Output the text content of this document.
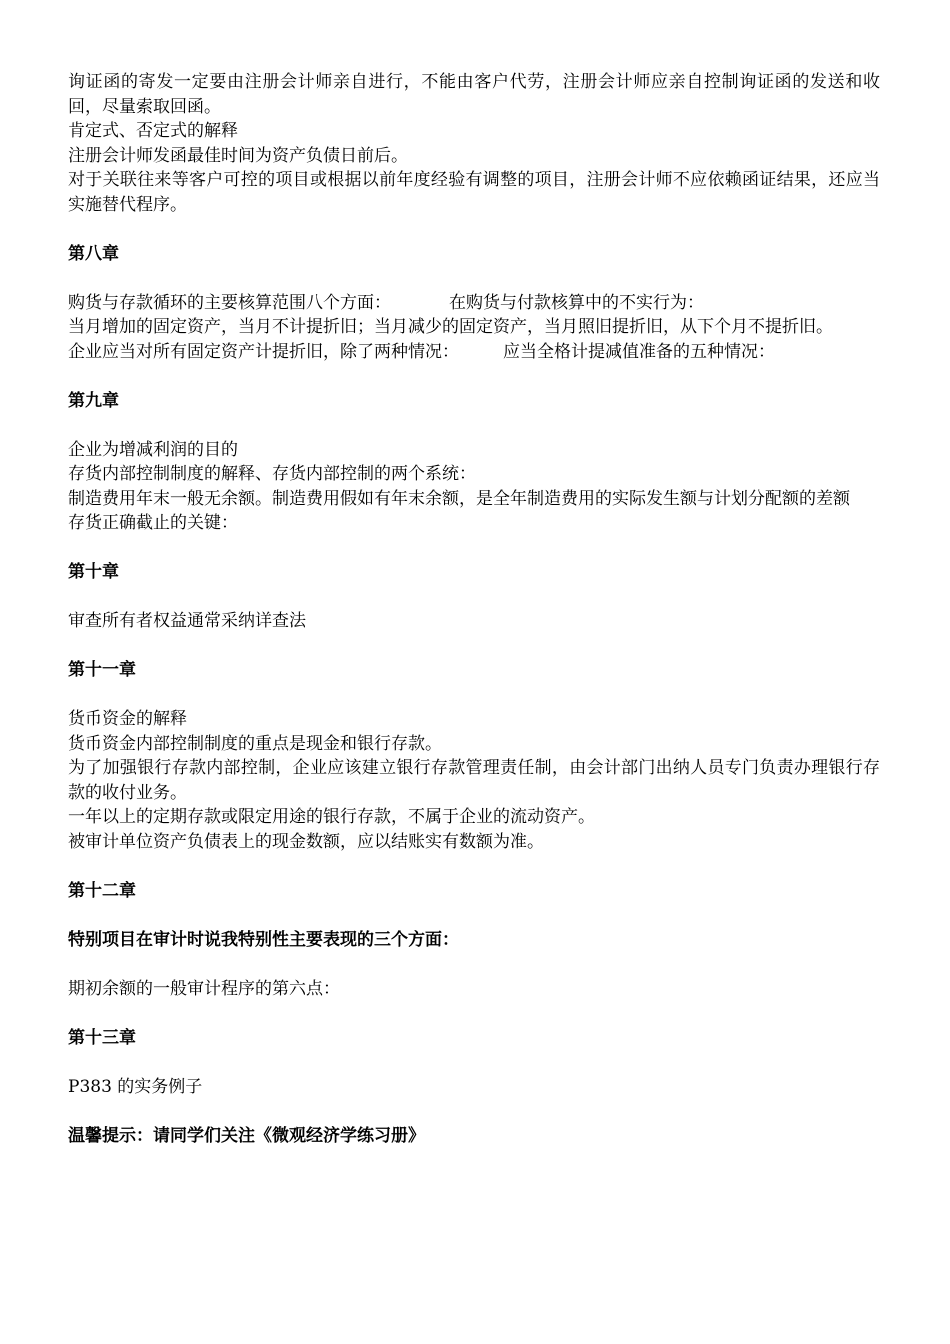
询证函的寄发一定要由注册会计师亲自进行，不能由客户代劳，注册会计师应亲自控制询证函的发送和收回，尽量索取回函。

肯定式、否定式的解释

注册会计师发函最佳时间为资产负债日前后。

对于关联往来等客户可控的项目或根据以前年度经验有调整的项目，注册会计师不应依赖函证结果，还应当实施替代程序。

第八章

购货与存款循环的主要核算范围八个方面：	在购货与付款核算中的不实行为：

当月增加的固定资产，当月不计提折旧；当月减少的固定资产，当月照旧提折旧，从下个月不提折旧。

企业应当对所有固定资产计提折旧，除了两种情况：	应当全格计提减值准备的五种情况：

第九章

企业为增减利润的目的

存货内部控制制度的解释、存货内部控制的两个系统：

制造费用年末一般无余额。制造费用假如有年末余额，是全年制造费用的实际发生额与计划分配额的差额

存货正确截止的关键：

第十章

审查所有者权益通常采纳详查法

第十一章

货币资金的解释

货币资金内部控制制度的重点是现金和银行存款。

为了加强银行存款内部控制，企业应该建立银行存款管理责任制，由会计部门出纳人员专门负责办理银行存款的收付业务。

一年以上的定期存款或限定用途的银行存款，不属于企业的流动资产。

被审计单位资产负债表上的现金数额，应以结账实有数额为准。

第十二章

特别项目在审计时说我特别性主要表现的三个方面：

期初余额的一般审计程序的第六点：

第十三章

P383 的实务例子

温馨提示：请同学们关注《微观经济学练习册》
